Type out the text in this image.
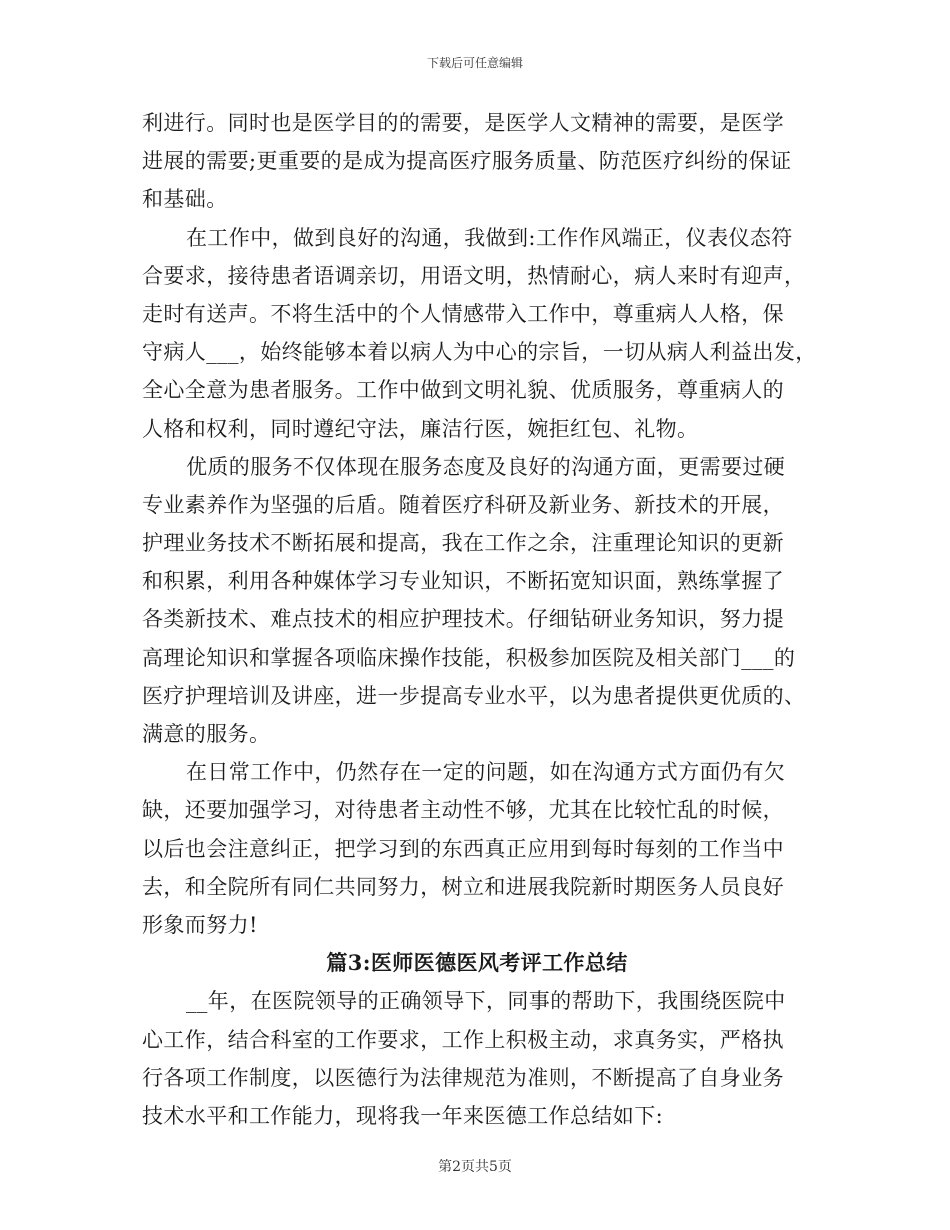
下载后可任意编辑
利进行。同时也是医学目的的需要，是医学人文精神的需要，是医学
进展的需要;更重要的是成为提高医疗服务质量、防范医疗纠纷的保证
和基础。
在工作中，做到良好的沟通，我做到:工作作风端正，仪表仪态符
合要求，接待患者语调亲切，用语文明，热情耐心，病人来时有迎声，
走时有送声。不将生活中的个人情感带入工作中，尊重病人人格，保
守病人___，始终能够本着以病人为中心的宗旨，一切从病人利益出发，
全心全意为患者服务。工作中做到文明礼貌、优质服务，尊重病人的
人格和权利，同时遵纪守法，廉洁行医，婉拒红包、礼物。
优质的服务不仅体现在服务态度及良好的沟通方面，更需要过硬
专业素养作为坚强的后盾。随着医疗科研及新业务、新技术的开展，
护理业务技术不断拓展和提高，我在工作之余，注重理论知识的更新
和积累，利用各种媒体学习专业知识，不断拓宽知识面，熟练掌握了
各类新技术、难点技术的相应护理技术。仔细钻研业务知识，努力提
高理论知识和掌握各项临床操作技能，积极参加医院及相关部门___的
医疗护理培训及讲座，进一步提高专业水平，以为患者提供更优质的、
满意的服务。
在日常工作中，仍然存在一定的问题，如在沟通方式方面仍有欠
缺，还要加强学习，对待患者主动性不够，尤其在比较忙乱的时候，
以后也会注意纠正，把学习到的东西真正应用到每时每刻的工作当中
去，和全院所有同仁共同努力，树立和进展我院新时期医务人员良好
形象而努力!
篇3:医师医德医风考评工作总结
__年，在医院领导的正确领导下，同事的帮助下，我围绕医院中
心工作，结合科室的工作要求，工作上积极主动，求真务实，严格执
行各项工作制度，以医德行为法律规范为准则，不断提高了自身业务
技术水平和工作能力，现将我一年来医德工作总结如下:
第2页共5页
